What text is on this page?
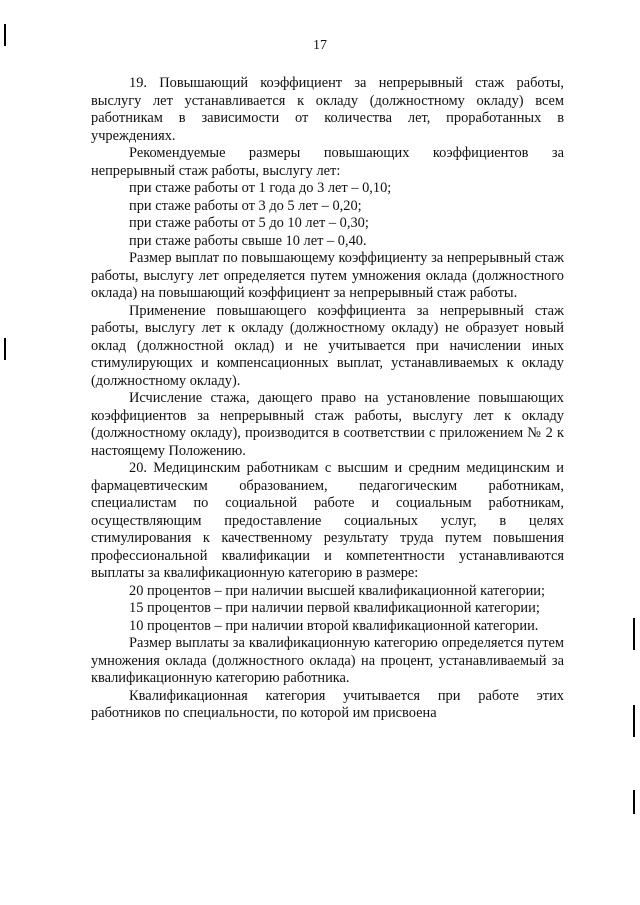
17

19. Повышающий коэффициент за непрерывный стаж работы, выслугу лет устанавливается к окладу (должностному окладу) всем работникам в зависимости от количества лет, проработанных в учреждениях.

Рекомендуемые размеры повышающих коэффициентов за непрерывный стаж работы, выслугу лет:

при стаже работы от 1 года до 3 лет – 0,10;

при стаже работы от 3 до 5 лет – 0,20;

при стаже работы от 5 до 10 лет – 0,30;

при стаже работы свыше 10 лет – 0,40.

Размер выплат по повышающему коэффициенту за непрерывный стаж работы, выслугу лет определяется путем умножения оклада (должностного оклада) на повышающий коэффициент за непрерывный стаж работы.

Применение повышающего коэффициента за непрерывный стаж работы, выслугу лет к окладу (должностному окладу) не образует новый оклад (должностной оклад) и не учитывается при начислении иных стимулирующих и компенсационных выплат, устанавливаемых к окладу (должностному окладу).

Исчисление стажа, дающего право на установление повышающих коэффициентов за непрерывный стаж работы, выслугу лет к окладу (должностному окладу), производится в соответствии с приложением № 2 к настоящему Положению.

20. Медицинским работникам с высшим и средним медицинским и фармацевтическим образованием, педагогическим работникам, специалистам по социальной работе и социальным работникам, осуществляющим предоставление социальных услуг, в целях стимулирования к качественному результату труда путем повышения профессиональной квалификации и компетентности устанавливаются выплаты за квалификационную категорию в размере:

20 процентов – при наличии высшей квалификационной категории;

15 процентов – при наличии первой квалификационной категории;

10 процентов – при наличии второй квалификационной категории.

Размер выплаты за квалификационную категорию определяется путем умножения оклада (должностного оклада) на процент, устанавливаемый за квалификационную категорию работника.

Квалификационная категория учитывается при работе этих работников по специальности, по которой им присвоена
